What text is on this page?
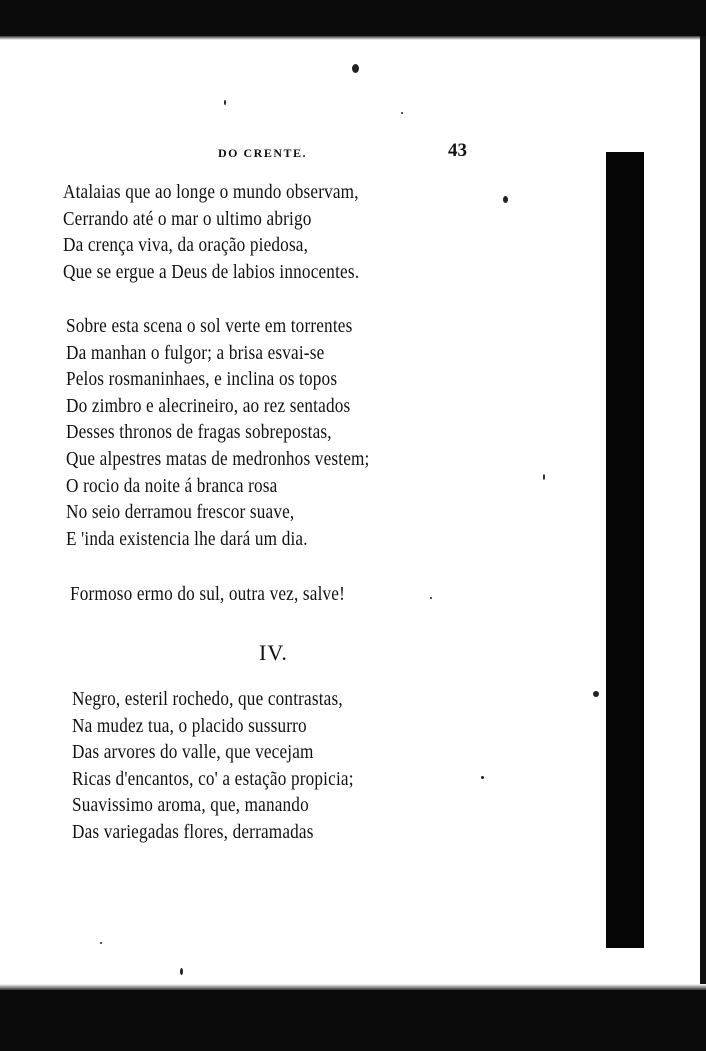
DO CRENTE.	43
Atalaias que ao longe o mundo observam,
Cerrando até o mar o ultimo abrigo
Da crença viva, da oração piedosa,
Que se ergue a Deus de labios innocentes.
Sobre esta scena o sol verte em torrentes
Da manhan o fulgor; a brisa esvai-se
Pelos rosmaninhaes, e inclina os topos
Do zimbro e alecrineiro, ao rez sentados
Desses thronos de fragas sobrepostas,
Que alpestres matas de medronhos vestem;
O rocio da noite á branca rosa
No seio derramou frescor suave,
E 'inda existencia lhe dará um dia.
Formoso ermo do sul, outra vez, salve!
IV.
Negro, esteril rochedo, que contrastas,
Na mudez tua, o placido sussurro
Das arvores do valle, que vecejam
Ricas d'encantos, co' a estação propicia;
Suavissimo aroma, que, manando
Das variegadas flores, derramadas
